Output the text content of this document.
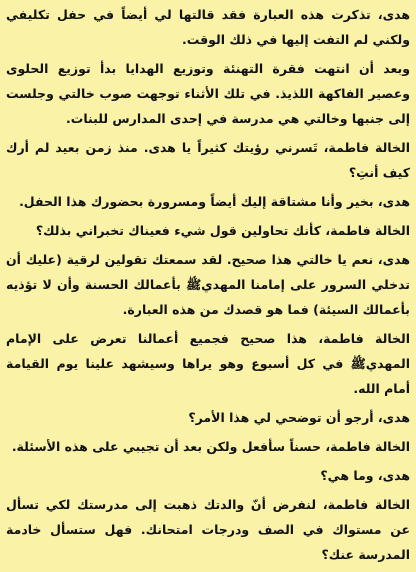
هدى، تذكرت هذه العبارة فقد قالتها لي أيضاً في حفل تكليفي ولكني لم التفت إليها في ذلك الوقت.

وبعد أن انتهت فقرة التهنئة وتوزيع الهدايا بدأ توزيع الحلوى وعصير الفاكهة اللذيذ. في تلك الأثناء توجهت صوب خالتي وجلست إلى جنبها وخالتي هي مدرسة في إحدى المدارس للبنات.

الخالة فاطمة، تَسرني رؤيتك كثيراً يا هدى. منذ زمن بعيد لم أرك كيف أنتِ؟

هدى، بخير وأنا مشتاقة إليك أيضاً ومسرورة بحضورك هذا الحفل.

الخالة فاطمة، كأنك تحاولين قول شيء فعيناك تخبراني بذلك؟

هدى، نعم يا خالتي هذا صحيح. لقد سمعتك تقولين لرقية (عليك أن تدخلي السرور على إمامنا المهديﷺ بأعمالك الحسنة وأن لا تؤذيه بأعمالك السيئة) فما هو قصدك من هذه العبارة.

الخالة فاطمة، هذا صحيح فجميع أعمالنا تعرض على الإمام المهديﷺ في كل أسبوع وهو يراها وسيشهد علينا يوم القيامة أمام الله.

هدى، أرجو أن توضحي لي هذا الأمر؟

الخالة فاطمة، حسناً سأفعل ولكن بعد أن تجيبي على هذه الأسئلة.

هدى، وما هي؟

الخالة فاطمة، لنفرض أنّ والدتك ذهبت إلى مدرستك لكي تسأل عن مستواك في الصف ودرجات امتحانك. فهل ستسأل خادمة المدرسة عنك؟
